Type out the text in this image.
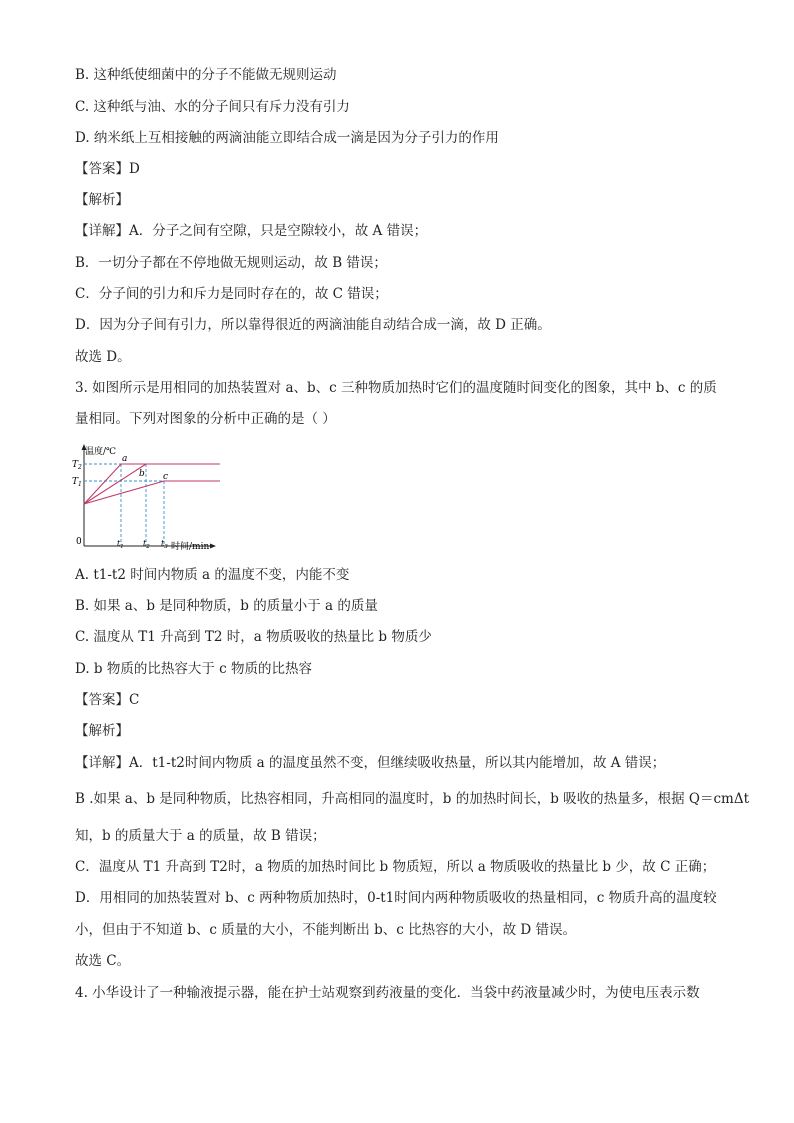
B. 这种纸使细菌中的分子不能做无规则运动
C. 这种纸与油、水的分子间只有斥力没有引力
D. 纳米纸上互相接触的两滴油能立即结合成一滴是因为分子引力的作用
【答案】D
【解析】
【详解】A．分子之间有空隙，只是空隙较小，故 A 错误；
B．一切分子都在不停地做无规则运动，故 B 错误；
C．分子间的引力和斥力是同时存在的，故 C 错误；
D．因为分子间有引力，所以靠得很近的两滴油能自动结合成一滴，故 D 正确。
故选 D。
3. 如图所示是用相同的加热装置对 a、b、c 三种物质加热时它们的温度随时间变化的图象，其中 b、c 的质
量相同。下列对图象的分析中正确的是（ ）
温度/℃
时间/min
0
$T_2$
$T_1$
$t_1$ $t_2$ $t_3$
a
b c
A. t1-t2 时间内物质 a 的温度不变，内能不变
B. 如果 a、b 是同种物质，b 的质量小于 a 的质量
C. 温度从 T1 升高到 T2 时，a 物质吸收的热量比 b 物质少
D. b 物质的比热容大于 c 物质的比热容
【答案】C
【解析】
【详解】A．t1-t2时间内物质 a 的温度虽然不变，但继续吸收热量，所以其内能增加，故 A 错误；
B .如果 a、b 是同种物质，比热容相同，升高相同的温度时，b 的加热时间长，b 吸收的热量多，根据 Q＝cmΔt
知，b 的质量大于 a 的质量，故 B 错误；
C．温度从 T1 升高到 T2时，a 物质的加热时间比 b 物质短，所以 a 物质吸收的热量比 b 少，故 C 正确；
D．用相同的加热装置对 b、c 两种物质加热时，0-t1时间内两种物质吸收的热量相同，c 物质升高的温度较
小，但由于不知道 b、c 质量的大小，不能判断出 b、c 比热容的大小，故 D 错误。
故选 C。
4. 小华设计了一种输液提示器，能在护士站观察到药液量的变化．当袋中药液量减少时，为使电压表示数
